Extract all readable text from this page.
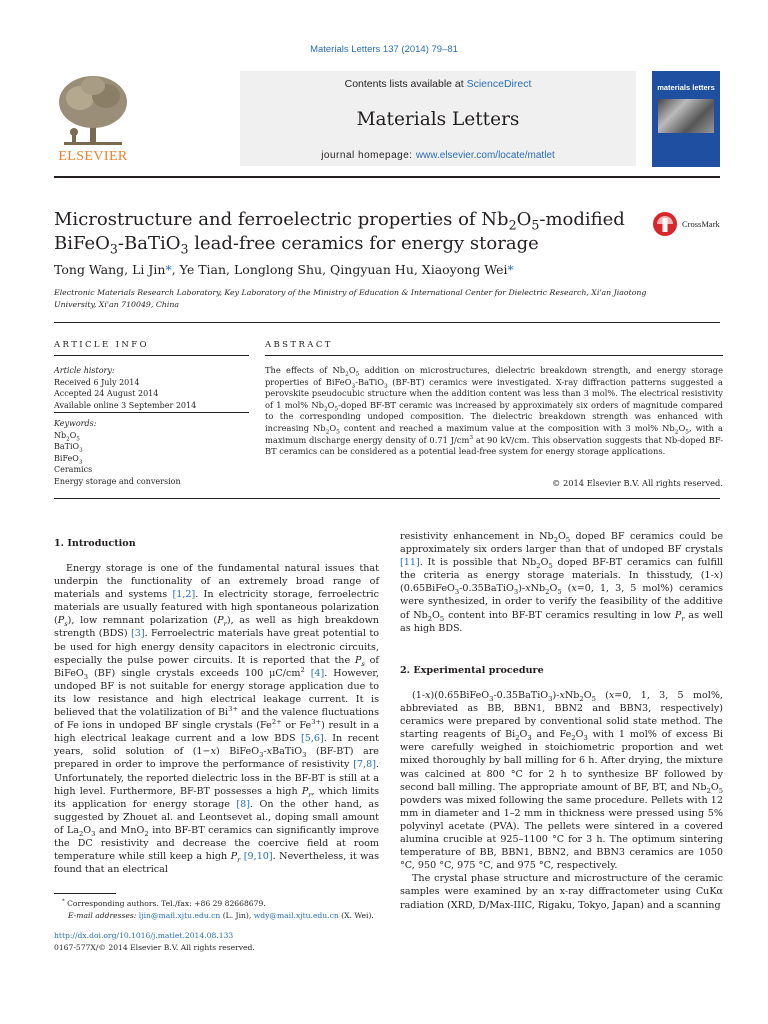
Materials Letters 137 (2014) 79–81
ELSEVIER
Contents lists available at ScienceDirect
Materials Letters
journal homepage: www.elsevier.com/locate/matlet
materials letters
Microstructure and ferroelectric properties of $Nb_2O_5$-modified
BiFeO$_3$-BaTiO$_3$ lead-free ceramics for energy storage
CrossMark
Tong Wang, Li Jin*, Ye Tian, Longlong Shu, Qingyuan Hu, Xiaoyong Wei*
Electronic Materials Research Laboratory, Key Laboratory of the Ministry of Education & International Center for Dielectric Research, Xi'an Jiaotong University, Xi'an 710049, China
ARTICLE INFO	ABSTRACT
Article history:
Received 6 July 2014
Accepted 24 August 2014
Available online 3 September 2014
Keywords:
$Nb_2O_5$
BaTiO$_3$
BiFeO$_3$
Ceramics
Energy storage and conversion
The effects of $Nb_2O_5$ addition on microstructures, dielectric breakdown strength, and energy storage properties of BiFeO$_3$-BaTiO$_3$ (BF-BT) ceramics were investigated. X-ray diffraction patterns suggested a perovskite pseudocubic structure when the addition content was less than 3 mol%. The electrical resistivity of 1 mol% $Nb_2O_5$-doped BF-BT ceramic was increased by approximately six orders of magnitude compared to the corresponding undoped composition. The dielectric breakdown strength was enhanced with increasing $Nb_2O_5$ content and reached a maximum value at the composition with 3 mol% $Nb_2O_5$, with a maximum discharge energy density of 0.71 $J/cm^3$ at 90 kV/cm. This observation suggests that Nb-doped BF-BT ceramics can be considered as a potential lead-free system for energy storage applications.
© 2014 Elsevier B.V. All rights reserved.
1. Introduction

Energy storage is one of the fundamental natural issues that underpin the functionality of an extremely broad range of materials and systems [1,2]. In electricity storage, ferroelectric materials are usually featured with high spontaneous polarization $(P_s)$, low remnant polarization $(P_r)$, as well as high breakdown strength (BDS) [3]. Ferroelectric materials have great potential to be used for high energy density capacitors in electronic circuits, especially the pulse power circuits. It is reported that the $P_s$ of BiFeO$_3$ (BF) single crystals exceeds 100 $\mu C/cm^2$ [4]. However, undoped BF is not suitable for energy storage application due to its low resistance and high electrical leakage current. It is believed that the volatilization of $Bi^{3+}$ and the valence fluctuations of Fe ions in undoped BF single crystals ($Fe^{2+}$ or $Fe^{3+}$) result in a high electrical leakage current and a low BDS [5,6]. In recent years, solid solution of (1−x) BiFeO$_3$-xBaTiO$_3$ (BF-BT) are prepared in order to improve the performance of resistivity [7,8]. Unfortunately, the reported dielectric loss in the BF-BT is still at a high level. Furthermore, BF-BT possesses a high $P_r$, which limits its application for energy storage [8]. On the other hand, as suggested by Zhouet al. and Leontsevet al., doping small amount of $La_2O_3$ and MnO$_2$ into BF-BT ceramics can significantly improve the DC resistivity and decrease the coercive field at room temperature while still keep a high $P_r$ [9,10]. Nevertheless, it was found that an electrical

* Corresponding authors. Tel./fax: +86 29 82668679.
E-mail addresses: ljin@mail.xjtu.edu.cn (L. Jin), wdy@mail.xjtu.edu.cn (X. Wei).
http://dx.doi.org/10.1016/j.matlet.2014.08.133
0167-577X/© 2014 Elsevier B.V. All rights reserved.

resistivity enhancement in $Nb_2O_5$ doped BF ceramics could be approximately six orders larger than that of undoped BF crystals [11]. It is possible that $Nb_2O_5$ doped BF-BT ceramics can fulfill the criteria as energy storage materials. In thisstudy, $(1-x)(0.65BiFeO_3-0.35BaTiO_3)-xNb_2O_5$ (x=0, 1, 3, 5 mol%) ceramics were synthesized, in order to verify the feasibility of the additive of $Nb_2O_5$ content into BF-BT ceramics resulting in low $P_r$ as well as high BDS.

2. Experimental procedure

$(1-x)(0.65BiFeO_3-0.35BaTiO_3)-xNb_2O_5$ (x=0, 1, 3, 5 mol%, abbreviated as BB, BBN1, BBN2 and BBN3, respectively) ceramics were prepared by conventional solid state method. The starting reagents of $Bi_2O_3$ and $Fe_2O_3$ with 1 mol% of excess Bi were carefully weighed in stoichiometric proportion and wet mixed thoroughly by ball milling for 6 h. After drying, the mixture was calcined at 800 °C for 2 h to synthesize BF followed by second ball milling. The appropriate amount of BF, BT, and $Nb_2O_5$ powders was mixed following the same procedure. Pellets with 12 mm in diameter and 1–2 mm in thickness were pressed using 5% polyvinyl acetate (PVA). The pellets were sintered in a covered alumina crucible at 925–1100 °C for 3 h. The optimum sintering temperature of BB, BBN1, BBN2, and BBN3 ceramics are 1050 °C, 950 °C, 975 °C, and 975 °C, respectively.

The crystal phase structure and microstructure of the ceramic samples were examined by an x-ray diffractometer using CuKα radiation (XRD, D/Max-IIIC, Rigaku, Tokyo, Japan) and a scanning
